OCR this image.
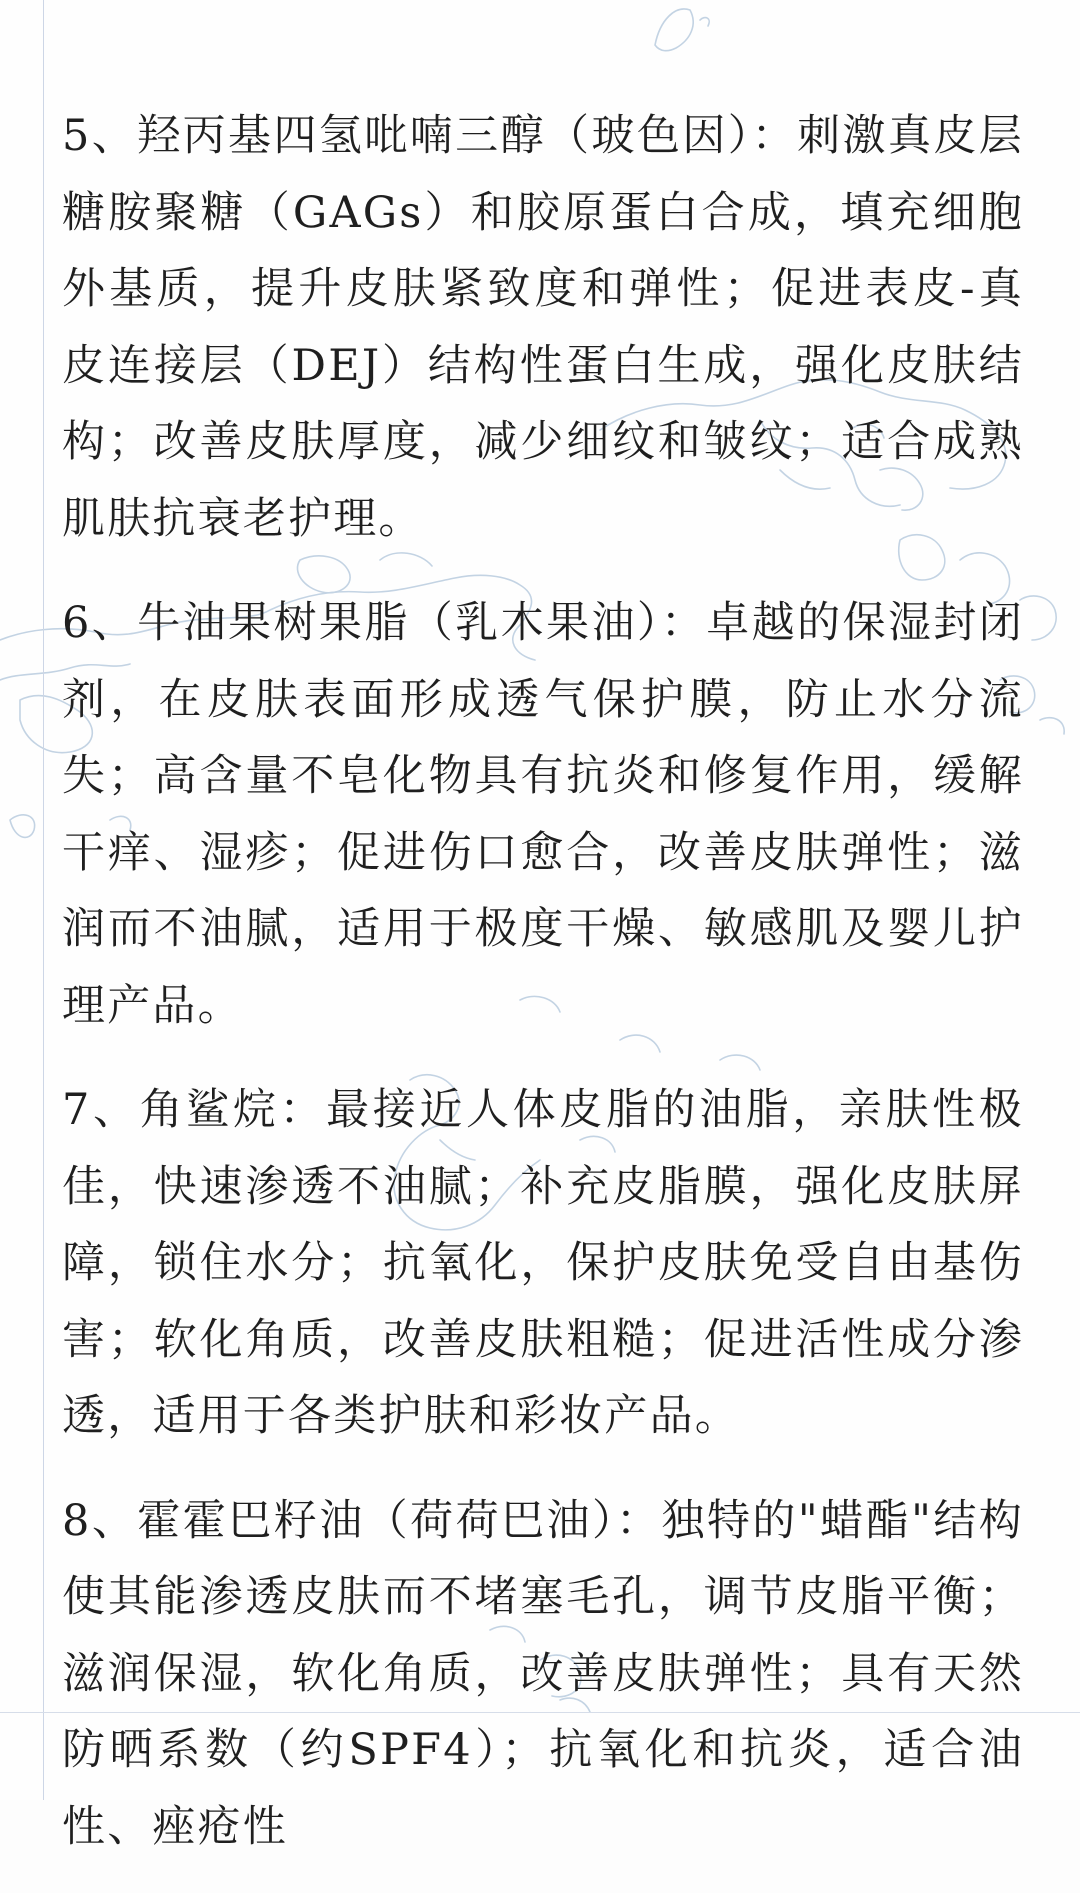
5、羟丙基四氢吡喃三醇（玻色因）：刺激真皮层糖胺聚糖（GAGs）和胶原蛋白合成，填充细胞外基质，提升皮肤紧致度和弹性；促进表皮-真皮连接层（DEJ）结构性蛋白生成，强化皮肤结构；改善皮肤厚度，减少细纹和皱纹；适合成熟肌肤抗衰老护理。

6、牛油果树果脂（乳木果油）：卓越的保湿封闭剂，在皮肤表面形成透气保护膜，防止水分流失；高含量不皂化物具有抗炎和修复作用，缓解干痒、湿疹；促进伤口愈合，改善皮肤弹性；滋润而不油腻，适用于极度干燥、敏感肌及婴儿护理产品。

7、角鲨烷：最接近人体皮脂的油脂，亲肤性极佳，快速渗透不油腻；补充皮脂膜，强化皮肤屏障，锁住水分；抗氧化，保护皮肤免受自由基伤害；软化角质，改善皮肤粗糙；促进活性成分渗透，适用于各类护肤和彩妆产品。

8、霍霍巴籽油（荷荷巴油）：独特的"蜡酯"结构使其能渗透皮肤而不堵塞毛孔，调节皮脂平衡；滋润保湿，软化角质，改善皮肤弹性；具有天然防晒系数（约SPF4）；抗氧化和抗炎，适合油性、痤疮性
